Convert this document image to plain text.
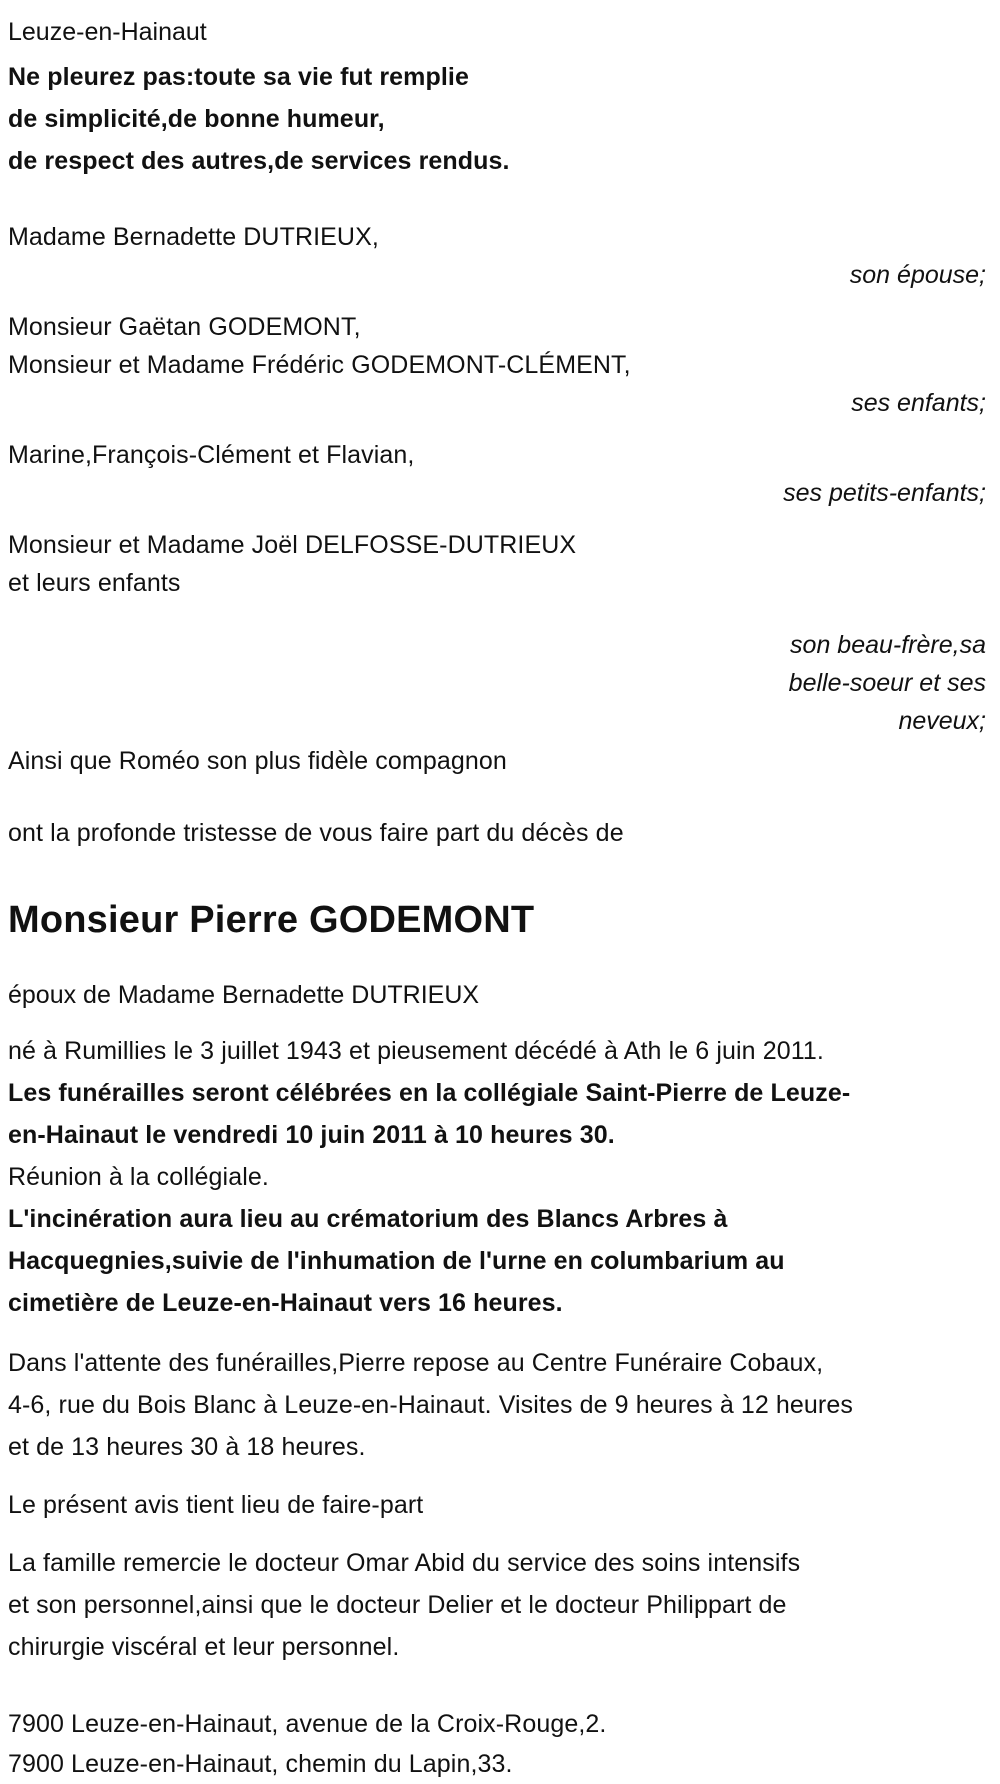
Leuze-en-Hainaut
Ne pleurez pas:toute sa vie fut remplie
de simplicité,de bonne humeur,
de respect des autres,de services rendus.
Madame Bernadette DUTRIEUX,
son épouse;
Monsieur Gaëtan GODEMONT,
Monsieur et Madame Frédéric GODEMONT-CLÉMENT,
ses enfants;
Marine,François-Clément et Flavian,
ses petits-enfants;
Monsieur et Madame Joël DELFOSSE-DUTRIEUX
et leurs enfants
son beau-frère,sa
belle-soeur et ses
neveux;
Ainsi que Roméo son plus fidèle compagnon
ont la profonde tristesse de vous faire part du décès de
Monsieur Pierre GODEMONT
époux de Madame Bernadette DUTRIEUX
né à Rumillies le 3 juillet 1943 et pieusement décédé à Ath le 6 juin 2011.
Les funérailles seront célébrées en la collégiale Saint-Pierre de Leuze-
en-Hainaut le vendredi 10 juin 2011 à 10 heures 30.
Réunion à la collégiale.
L'incinération aura lieu au crématorium des Blancs Arbres à
Hacquegnies,suivie de l'inhumation de l'urne en columbarium au
cimetière de Leuze-en-Hainaut vers 16 heures.
Dans l'attente des funérailles,Pierre repose au Centre Funéraire Cobaux,
4-6, rue du Bois Blanc à Leuze-en-Hainaut. Visites de 9 heures à 12 heures
et de 13 heures 30 à 18 heures.
Le présent avis tient lieu de faire-part
La famille remercie le docteur Omar Abid du service des soins intensifs
et son personnel,ainsi que le docteur Delier et le docteur Philippart de
chirurgie viscéral et leur personnel.
7900 Leuze-en-Hainaut, avenue de la Croix-Rouge,2.
7900 Leuze-en-Hainaut, chemin du Lapin,33.
